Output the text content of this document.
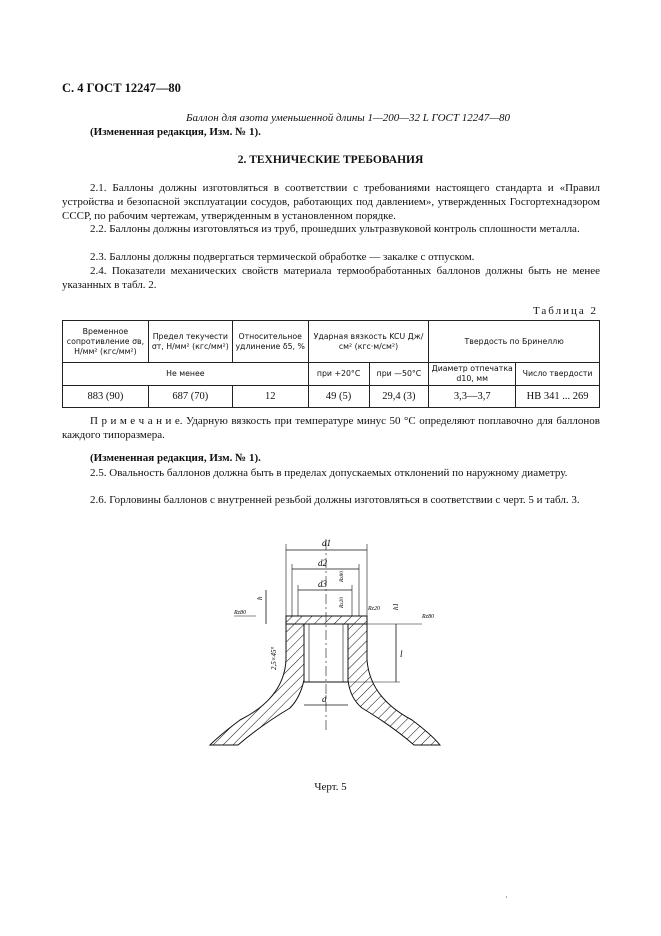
С. 4 ГОСТ 12247—80
Баллон для азота уменьшенной длины 1—200—32 L ГОСТ 12247—80
(Измененная редакция, Изм. № 1).
2. ТЕХНИЧЕСКИЕ ТРЕБОВАНИЯ
2.1. Баллоны должны изготовляться в соответствии с требованиями настоящего стандарта и «Правил устройства и безопасной эксплуатации сосудов, работающих под давлением», утвержденных Госгортехнадзором СССР, по рабочим чертежам, утвержденным в установленном порядке.
2.2. Баллоны должны изготовляться из труб, прошедших ультразвуковой контроль сплошности металла.
2.3. Баллоны должны подвергаться термической обработке — закалке с отпуском.
2.4. Показатели механических свойств материала термообработанных баллонов должны быть не менее указанных в табл. 2.
Таблица 2
Временное сопротивление σв, Н/мм² (кгс/мм²)	Предел текучести σт, Н/мм² (кгс/мм²)	Относительное удлинение δ5, %	Ударная вязкость KCU Дж/см² (кгс·м/см²)		Твердость по Бринеллю	
Не менее			при +20°С	при —50°С	Диаметр отпечатка d10, мм	Число твердости
883 (90)	687 (70)	12	49 (5)	29,4 (3)	3,3—3,7	НВ 341 ... 269
П р и м е ч а н и е. Ударную вязкость при температуре минус 50 °С определяют поплавочно для баллонов каждого типоразмера.
(Измененная редакция, Изм. № 1).
2.5. Овальность баллонов должна быть в пределах допускаемых отклонений по наружному диаметру.
2.6. Горловины баллонов с внутренней резьбой должны изготовляться в соответствии с черт. 5 и табл. 3.
d1
d2
d3
d
l
h1
h
2,5×45°
Rz80
Rz20
Rz80
Rz80
Rz20
Черт. 5
·
